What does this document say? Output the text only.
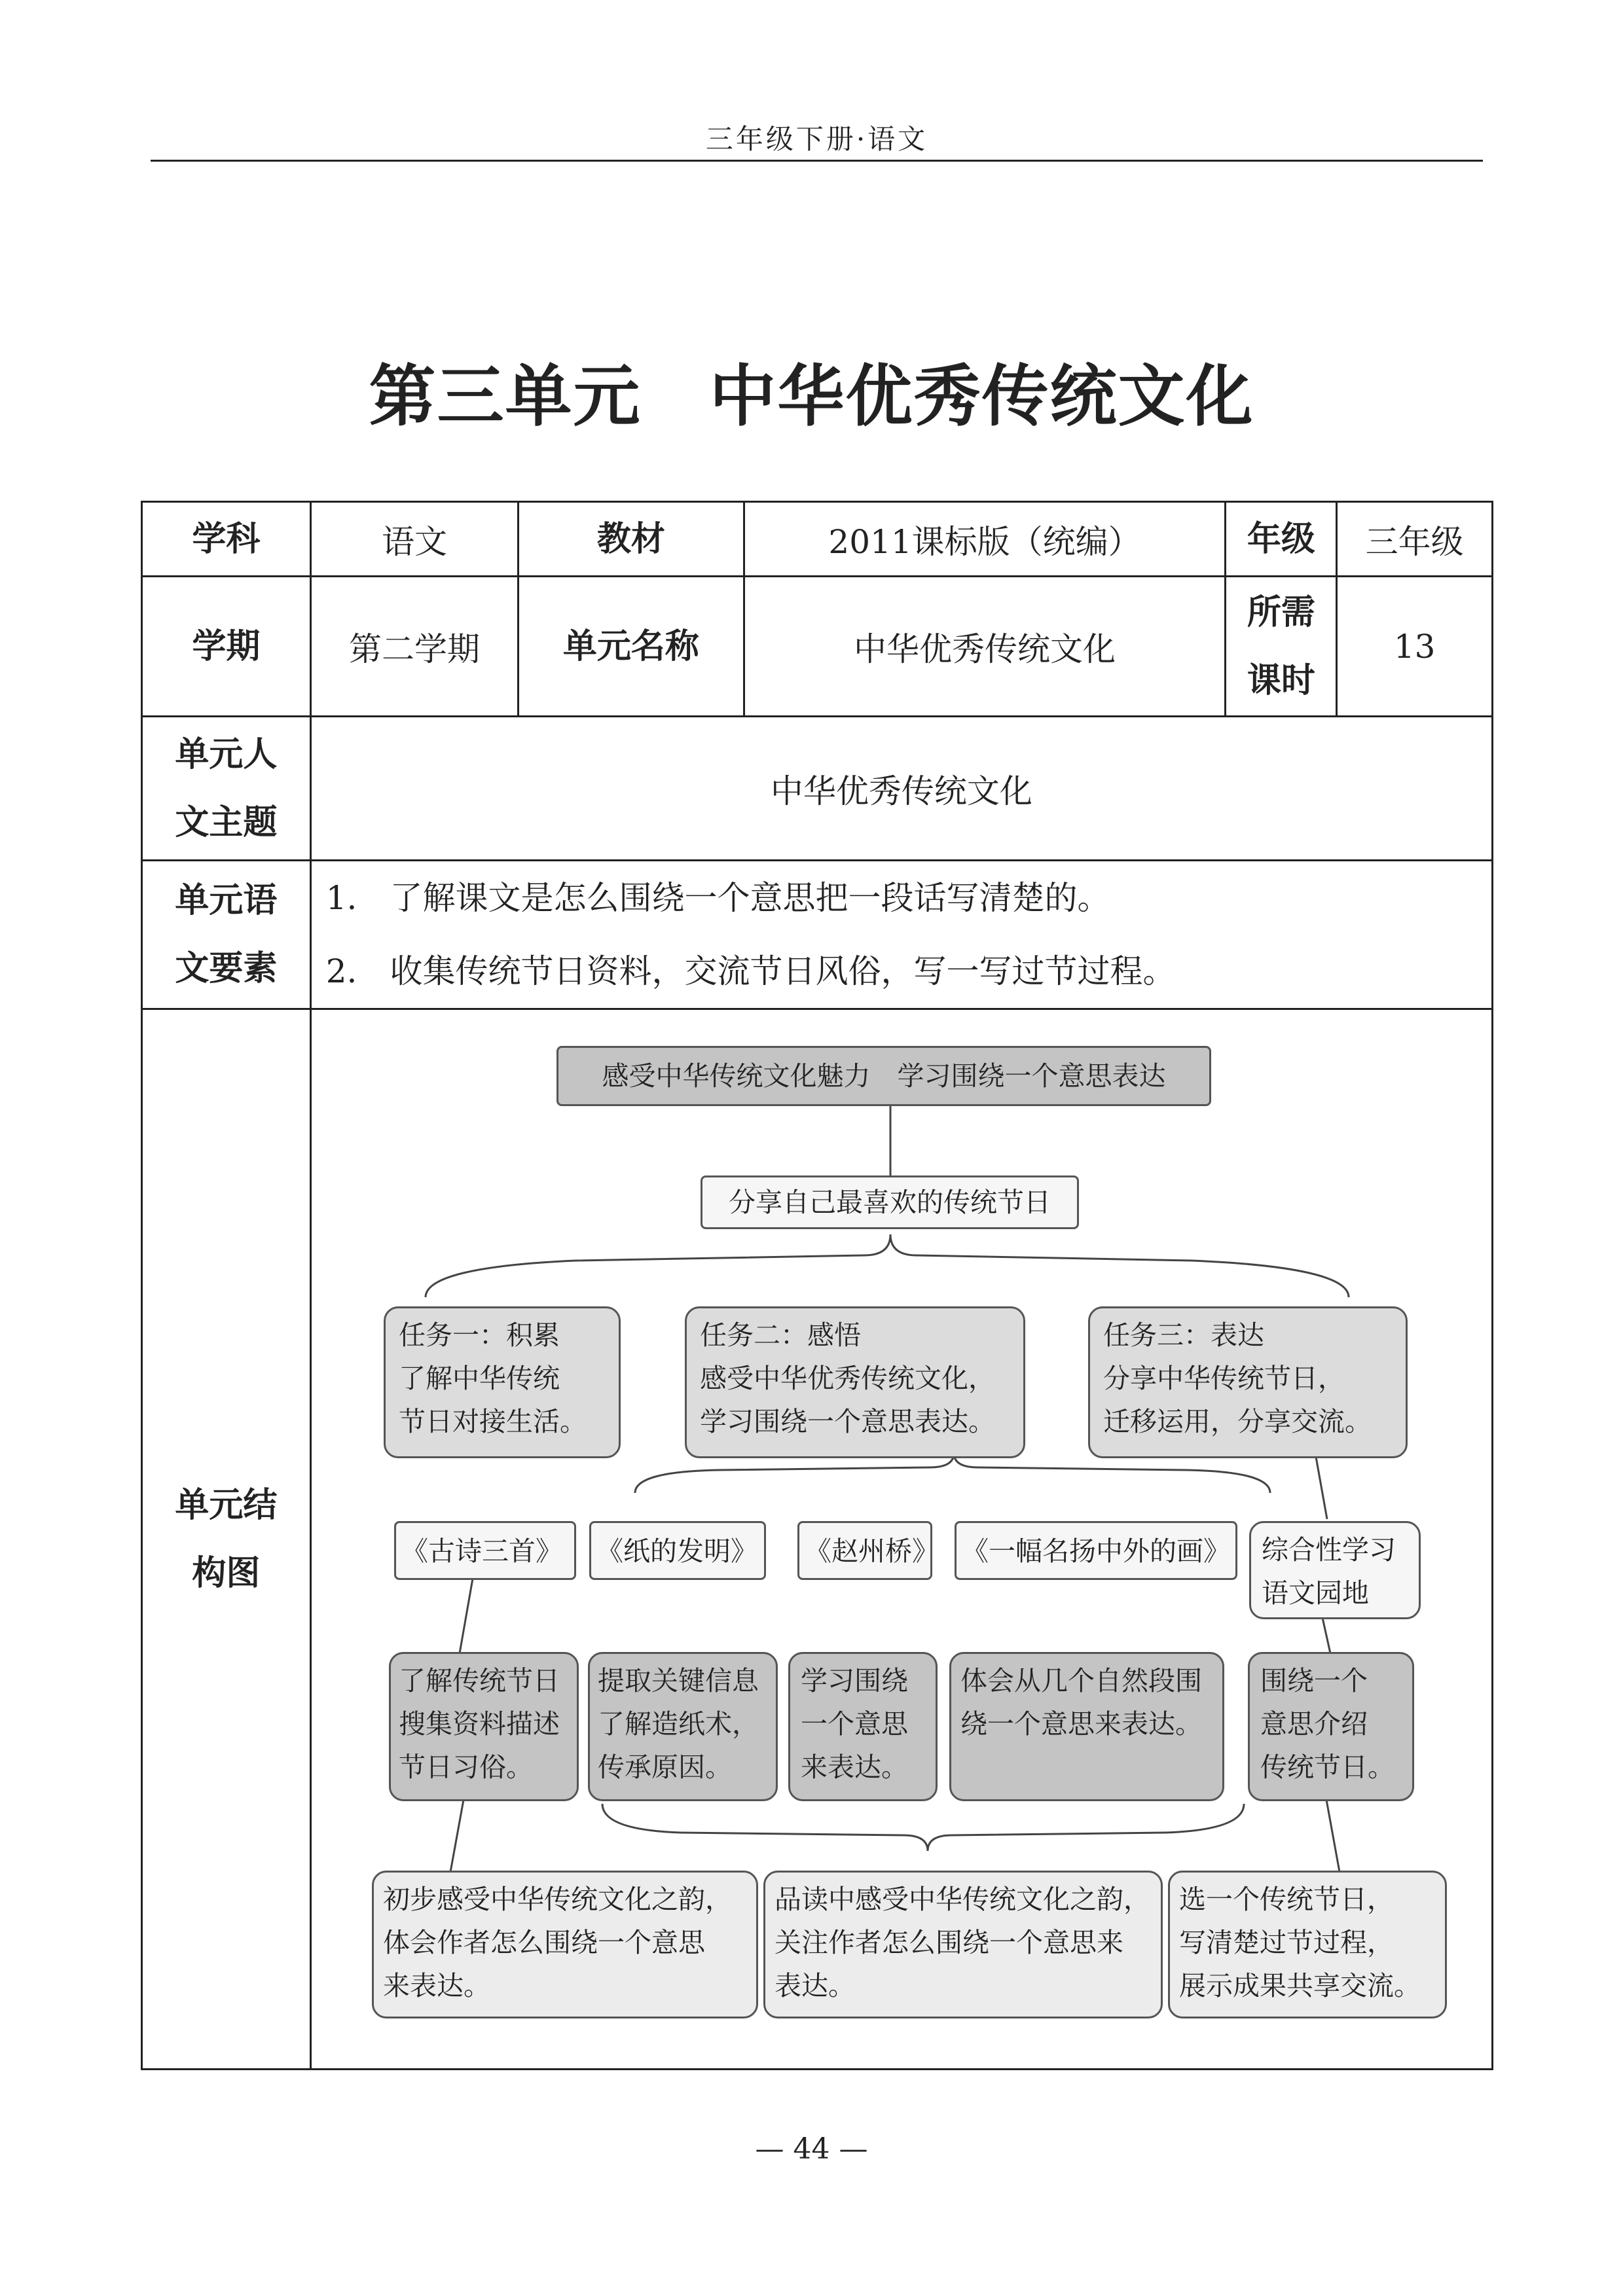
三年级下册·语文
第三单元　中华优秀传统文化
学科	语文	教材	2011课标版（统编）	年级	三年级
学期	第二学期	单元名称	中华优秀传统文化	所需课时	13
单元人文主题	中华优秀传统文化				
单元语文要素	1.　了解课文是怎么围绕一个意思把一段话写清楚的。
2.　收集传统节日资料，交流节日风俗，写一写过节过程。				

单元结构图					
感受中华传统文化魅力　学习围绕一个意思表达
分享自己最喜欢的传统节日
任务一：积累
了解中华传统
节日对接生活。
任务二：感悟
感受中华优秀传统文化，
学习围绕一个意思表达。
任务三：表达
分享中华传统节日，
迁移运用，分享交流。
《古诗三首》	《纸的发明》	《赵州桥》 《一幅名扬中外的画》	综合性学习
语文园地
了解传统节日
搜集资料描述
节日习俗。
提取关键信息
了解造纸术，
传承原因。
学习围绕
一个意思
来表达。
体会从几个自然段围
绕一个意思来表达。
围绕一个
意思介绍
传统节日。
初步感受中华传统文化之韵，
体会作者怎么围绕一个意思
来表达。
品读中感受中华传统文化之韵，
关注作者怎么围绕一个意思来
表达。
选一个传统节日，
写清楚过节过程，
展示成果共享交流。
— 44 —
